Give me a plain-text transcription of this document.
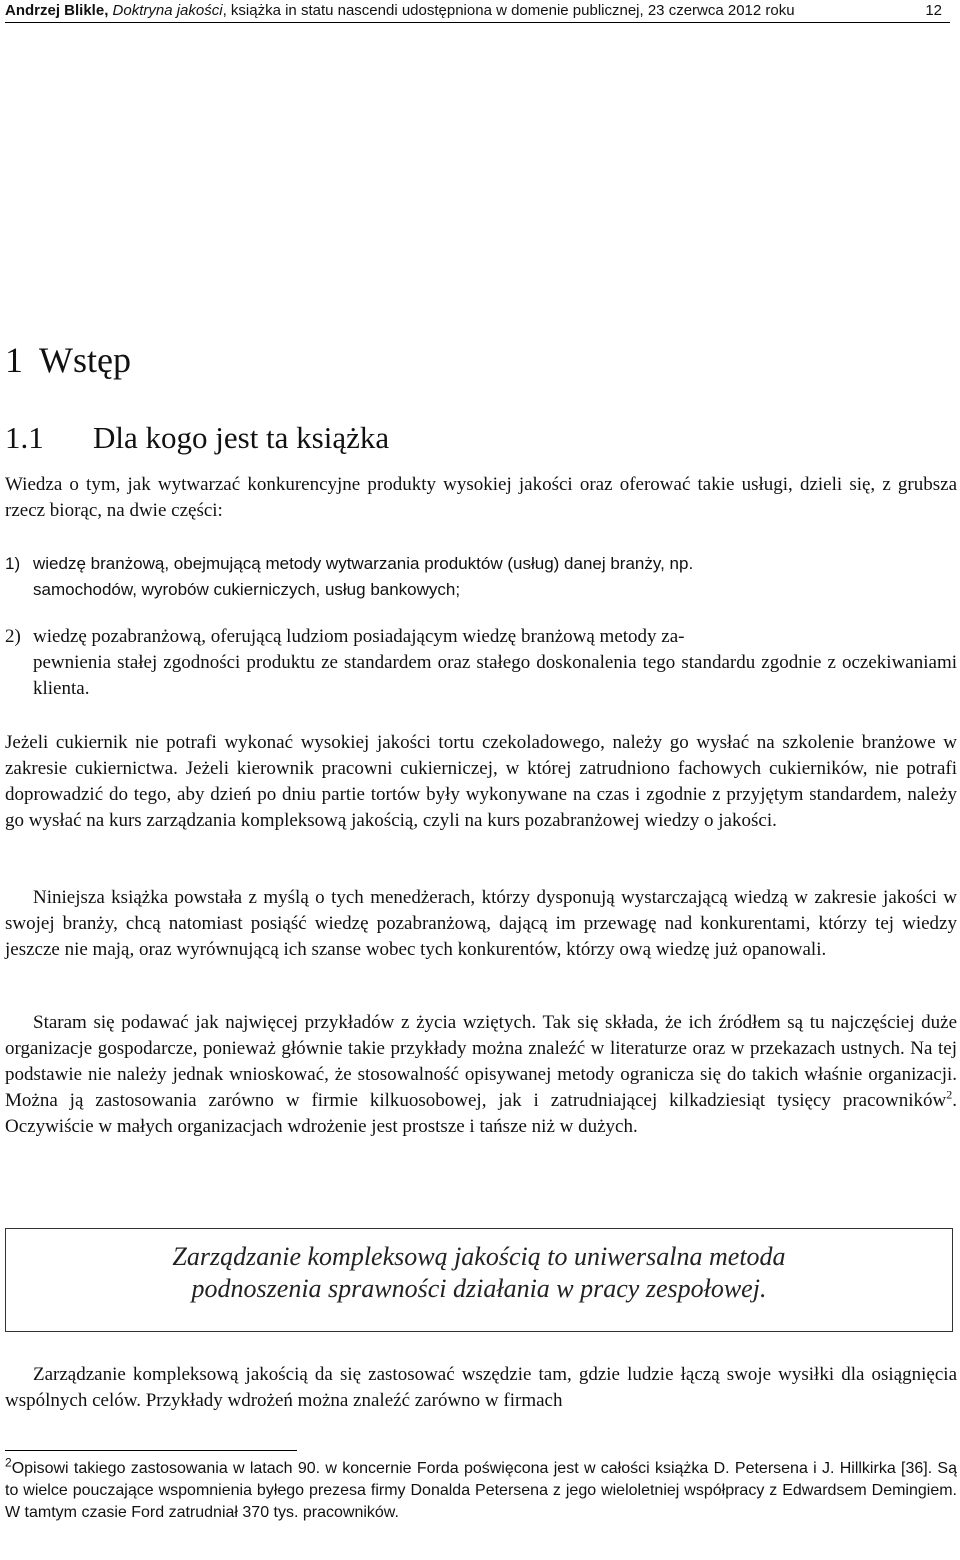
Andrzej Blikle, Doktryna jakości, książka in statu nascendi udostępniona w domenie publicznej, 23 czerwca 2012 roku	12
1 Wstęp
1.1 Dla kogo jest ta książka

Wiedza o tym, jak wytwarzać konkurencyjne produkty wysokiej jakości oraz oferować takie usługi, dzieli się, z grubsza rzecz biorąc, na dwie części:

1) wiedzę branżową, obejmującą metody wytwarzania produktów (usług) danej branży, np.
samochodów, wyrobów cukierniczych, usług bankowych;
2) wiedzę pozabranżową, oferującą ludziom posiadającym wiedzę branżową metody za-
pewnienia stałej zgodności produktu ze standardem oraz stałego doskonalenia tego standardu zgodnie z oczekiwaniami klienta.

Jeżeli cukiernik nie potrafi wykonać wysokiej jakości tortu czekoladowego, należy go wysłać na szkolenie branżowe w zakresie cukiernictwa. Jeżeli kierownik pracowni cukierniczej, w której zatrudniono fachowych cukierników, nie potrafi doprowadzić do tego, aby dzień po dniu partie tortów były wykonywane na czas i zgodnie z przyjętym standardem, należy go wysłać na kurs zarządzania kompleksową jakością, czyli na kurs pozabranżowej wiedzy o jakości.

Niniejsza książka powstała z myślą o tych menedżerach, którzy dysponują wystarczającą wiedzą w zakresie jakości w swojej branży, chcą natomiast posiąść wiedzę pozabranżową, dającą im przewagę nad konkurentami, którzy tej wiedzy jeszcze nie mają, oraz wyrównującą ich szanse wobec tych konkurentów, którzy ową wiedzę już opanowali.

Staram się podawać jak najwięcej przykładów z życia wziętych. Tak się składa, że ich źródłem są tu najczęściej duże organizacje gospodarcze, ponieważ głównie takie przykłady można znaleźć w literaturze oraz w przekazach ustnych. Na tej podstawie nie należy jednak wnioskować, że stosowalność opisywanej metody ogranicza się do takich właśnie organizacji. Można ją zastosowania zarówno w firmie kilkuosobowej, jak i zatrudniającej kilkadziesiąt tysięcy pracowników$^2$. Oczywiście w małych organizacjach wdrożenie jest prostsze i tańsze niż w dużych.

Zarządzanie kompleksową jakością to uniwersalna metoda
podnoszenia sprawności działania w pracy zespołowej.

Zarządzanie kompleksową jakością da się zastosować wszędzie tam, gdzie ludzie łączą swoje wysiłki dla osiągnięcia wspólnych celów. Przykłady wdrożeń można znaleźć zarówno w firmach

$^2$Opisowi takiego zastosowania w latach 90. w koncernie Forda poświęcona jest w całości książka D. Petersena i J. Hillkirka [36]. Są to wielce pouczające wspomnienia byłego prezesa firmy Donalda Petersena z jego wieloletniej współpracy z Edwardsem Demingiem. W tamtym czasie Ford zatrudniał 370 tys. pracowników.
